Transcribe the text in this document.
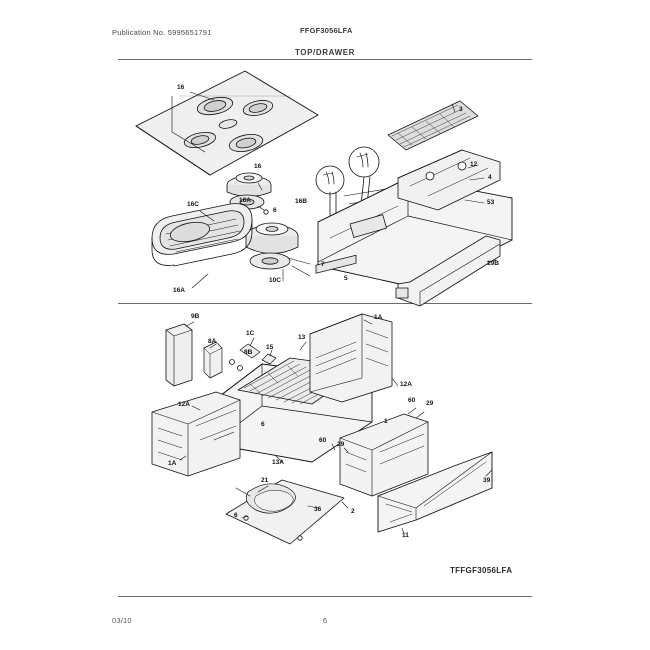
Publication No. 5995651791	FFGF3056LFA
TOP/DRAWER
TFFGF3056LFA
03/10	6
16
3
12
4
53
16
16B
16A
16C
6
10C
7
5
16A
19B
9B	1A
8A
1C
13
8B
15
12A
12A
60 29
1
6
60
29
1A	13A
39
21
36	2
6
11
